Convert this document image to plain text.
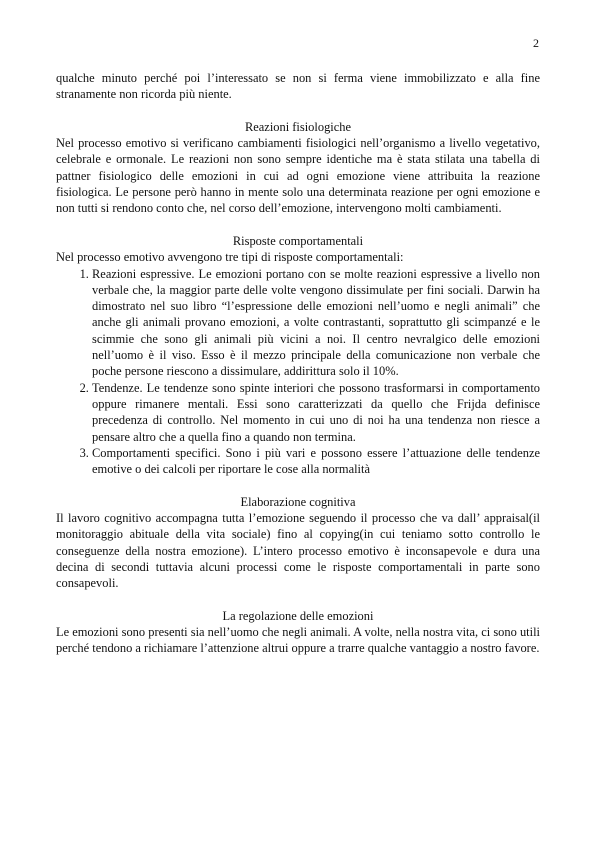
2

qualche minuto perché poi l’interessato se non si ferma viene immobilizzato e alla fine stranamente non ricorda più niente.

Reazioni fisiologiche

Nel processo emotivo si verificano cambiamenti fisiologici nell’organismo a livello vegetativo, celebrale e ormonale. Le reazioni non sono sempre identiche ma è stata stilata una tabella di pattner fisiologico delle emozioni in cui ad ogni emozione viene attribuita la reazione fisiologica. Le persone però hanno in mente solo una determinata reazione per ogni emozione e non tutti si rendono conto che, nel corso dell’emozione, intervengono molti cambiamenti.

Risposte comportamentali

Nel processo emotivo avvengono tre tipi di risposte comportamentali:

1. Reazioni espressive. Le emozioni portano con se molte reazioni espressive a livello non verbale che, la maggior parte delle volte vengono dissimulate per fini sociali. Darwin ha dimostrato nel suo libro “l’espressione delle emozioni nell’uomo e negli animali” che anche gli animali provano emozioni, a volte contrastanti, soprattutto gli scimpanzé e le scimmie che sono gli animali più vicini a noi. Il centro nevralgico delle emozioni nell’uomo è il viso. Esso è il mezzo principale della comunicazione non verbale che poche persone riescono a dissimulare, addirittura solo il 10%.
2. Tendenze. Le tendenze sono spinte interiori che possono trasformarsi in comportamento oppure rimanere mentali. Essi sono caratterizzati da quello che Frijda definisce precedenza di controllo. Nel momento in cui uno di noi ha una tendenza non riesce a pensare altro che a quella fino a quando non termina.
3. Comportamenti specifici. Sono i più vari e possono essere l’attuazione delle tendenze emotive o dei calcoli per riportare le cose alla normalità
Elaborazione cognitiva

Il lavoro cognitivo accompagna tutta l’emozione seguendo il processo che va dall’ appraisal(il monitoraggio abituale della vita sociale) fino al copying(in cui teniamo sotto controllo le conseguenze della nostra emozione). L’intero processo emotivo è inconsapevole e dura una decina di secondi tuttavia alcuni processi come le risposte comportamentali in parte sono consapevoli.

La regolazione delle emozioni

Le emozioni sono presenti sia nell’uomo che negli animali. A volte, nella nostra vita, ci sono utili perché tendono a richiamare l’attenzione altrui oppure a trarre qualche vantaggio a nostro favore.
